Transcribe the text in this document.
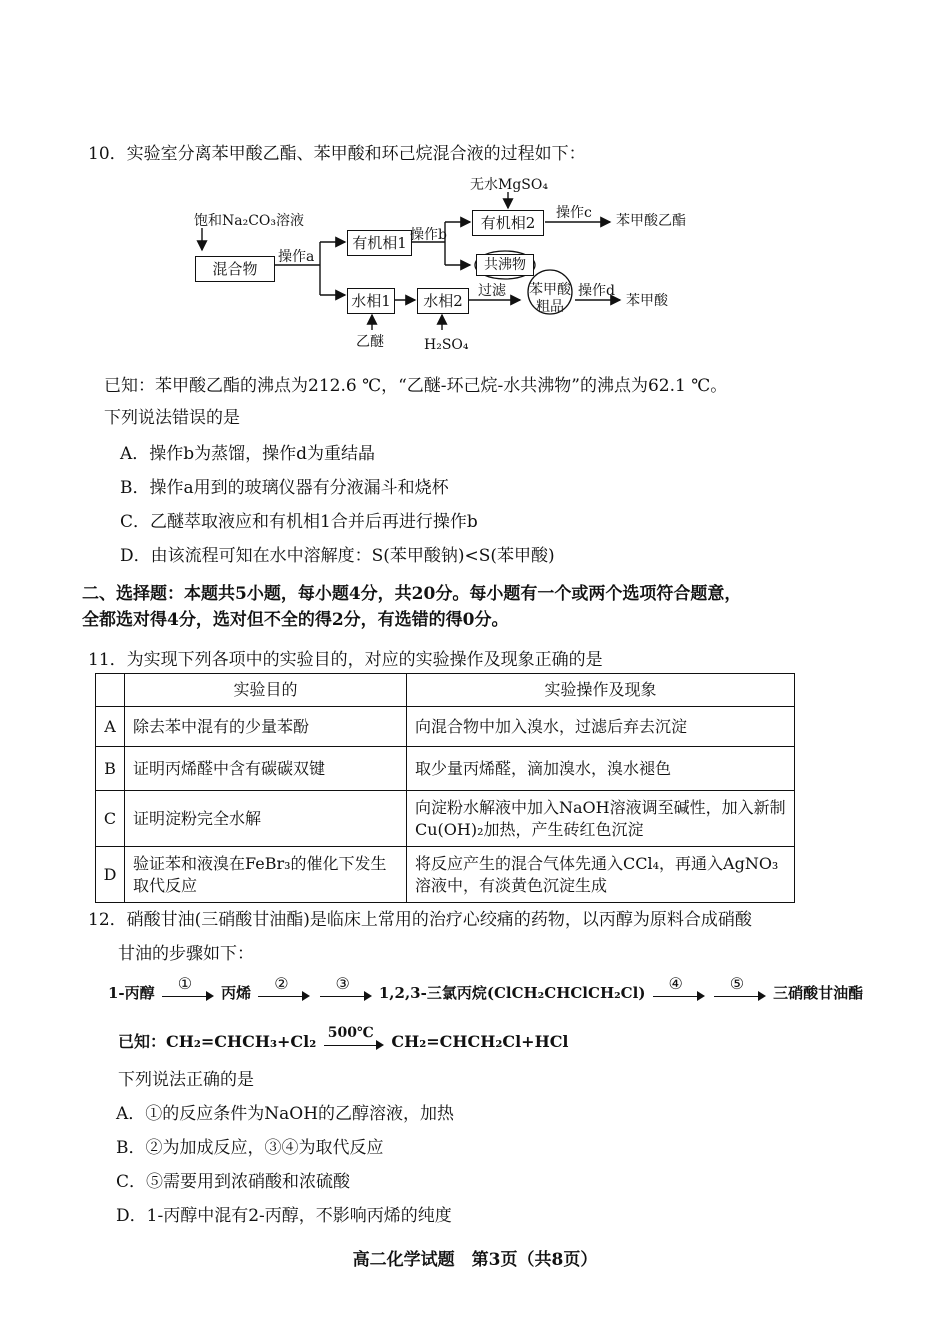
10．实验室分离苯甲酸乙酯、苯甲酸和环己烷混合液的过程如下：
无水MgSO₄
饱和Na₂CO₃溶液
混合物
操作a
有机相1 操作b
有机相2
操作c 苯甲酸乙酯
共沸物
水相1	水相2
过滤 苯甲酸粗品
操作d
苯甲酸
乙醚	H₂SO₄
已知：苯甲酸乙酯的沸点为212.6 ℃，“乙醚-环己烷-水共沸物”的沸点为62.1 ℃。
下列说法错误的是
A．操作b为蒸馏，操作d为重结晶
B．操作a用到的玻璃仪器有分液漏斗和烧杯
C．乙醚萃取液应和有机相1合并后再进行操作b
D．由该流程可知在水中溶解度：S(苯甲酸钠)<S(苯甲酸)
二、选择题：本题共5小题，每小题4分，共20分。每小题有一个或两个选项符合题意，
全都选对得4分，选对但不全的得2分，有选错的得0分。
11．为实现下列各项中的实验目的，对应的实验操作及现象正确的是
	实验目的	实验操作及现象
A	除去苯中混有的少量苯酚	向混合物中加入溴水，过滤后弃去沉淀
B	证明丙烯醛中含有碳碳双键	取少量丙烯醛，滴加溴水，溴水褪色
C	证明淀粉完全水解	向淀粉水解液中加入NaOH溶液调至碱性，加入新制Cu(OH)₂加热，产生砖红色沉淀
D	验证苯和液溴在FeBr₃的催化下发生取代反应	将反应产生的混合气体先通入CCl₄，再通入AgNO₃溶液中，有淡黄色沉淀生成
12．硝酸甘油(三硝酸甘油酯)是临床上常用的治疗心绞痛的药物，以丙醇为原料合成硝酸
甘油的步骤如下：
1-丙醇	①	丙烯	②
	③	1,2,3-三氯丙烷(ClCH₂CHClCH₂Cl)	④
	⑤	三硝酸甘油酯
已知：CH₂=CHCH₃+Cl₂ 500℃ CH₂=CHCH₂Cl+HCl
下列说法正确的是
A．①的反应条件为NaOH的乙醇溶液，加热
B．②为加成反应，③④为取代反应
C．⑤需要用到浓硝酸和浓硫酸
D．1-丙醇中混有2-丙醇，不影响丙烯的纯度
高二化学试题　第3页（共8页）
